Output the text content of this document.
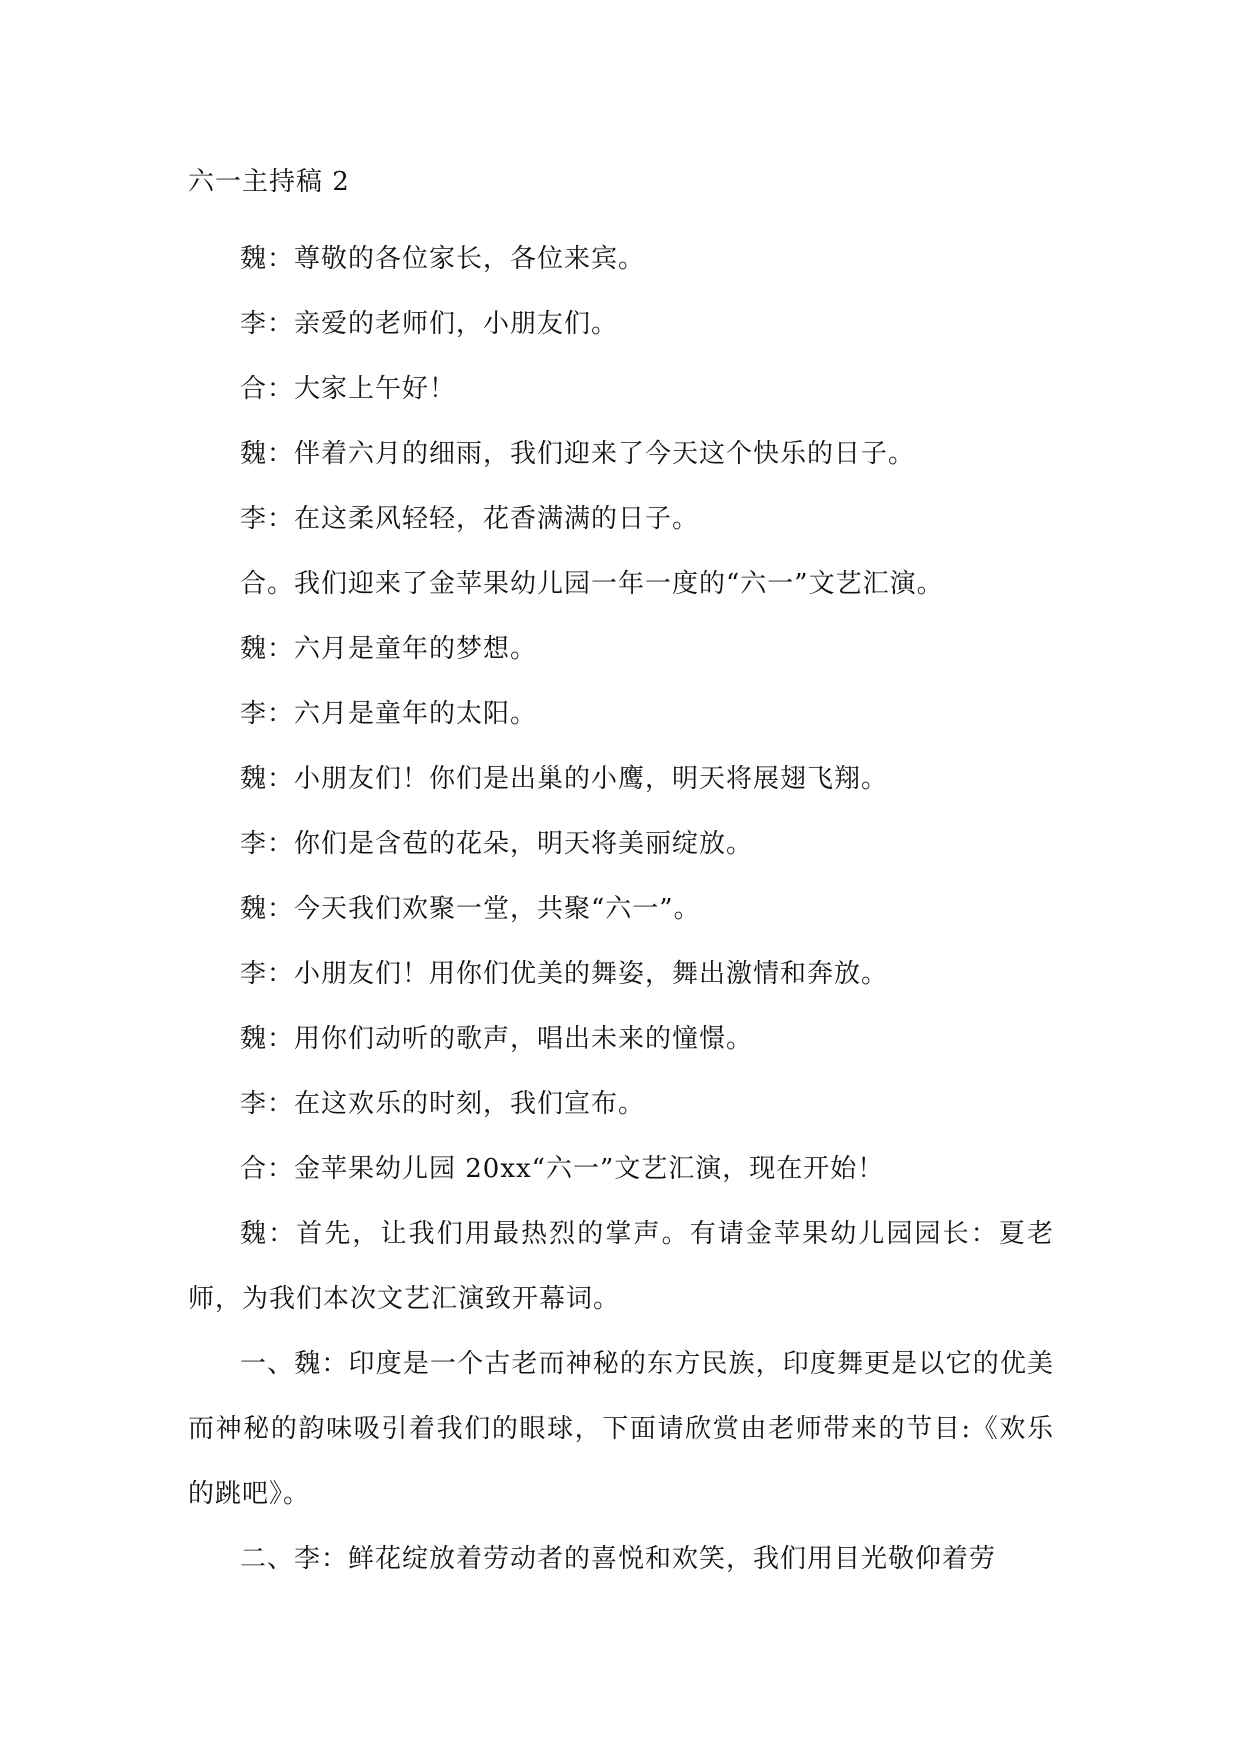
六一主持稿 2

魏：尊敬的各位家长，各位来宾。

李：亲爱的老师们，小朋友们。

合：大家上午好！

魏：伴着六月的细雨，我们迎来了今天这个快乐的日子。

李：在这柔风轻轻，花香满满的日子。

合。我们迎来了金苹果幼儿园一年一度的“六一”文艺汇演。

魏：六月是童年的梦想。

李：六月是童年的太阳。

魏：小朋友们！你们是出巢的小鹰，明天将展翅飞翔。

李：你们是含苞的花朵，明天将美丽绽放。

魏：今天我们欢聚一堂，共聚“六一”。

李：小朋友们！用你们优美的舞姿，舞出激情和奔放。

魏：用你们动听的歌声，唱出未来的憧憬。

李：在这欢乐的时刻，我们宣布。

合：金苹果幼儿园 20xx“六一”文艺汇演，现在开始！

魏：首先，让我们用最热烈的掌声。有请金苹果幼儿园园长：夏老师，为我们本次文艺汇演致开幕词。

一、魏：印度是一个古老而神秘的东方民族，印度舞更是以它的优美而神秘的韵味吸引着我们的眼球，下面请欣赏由老师带来的节目:《欢乐的跳吧》。

二、李：鲜花绽放着劳动者的喜悦和欢笑，我们用目光敬仰着劳
